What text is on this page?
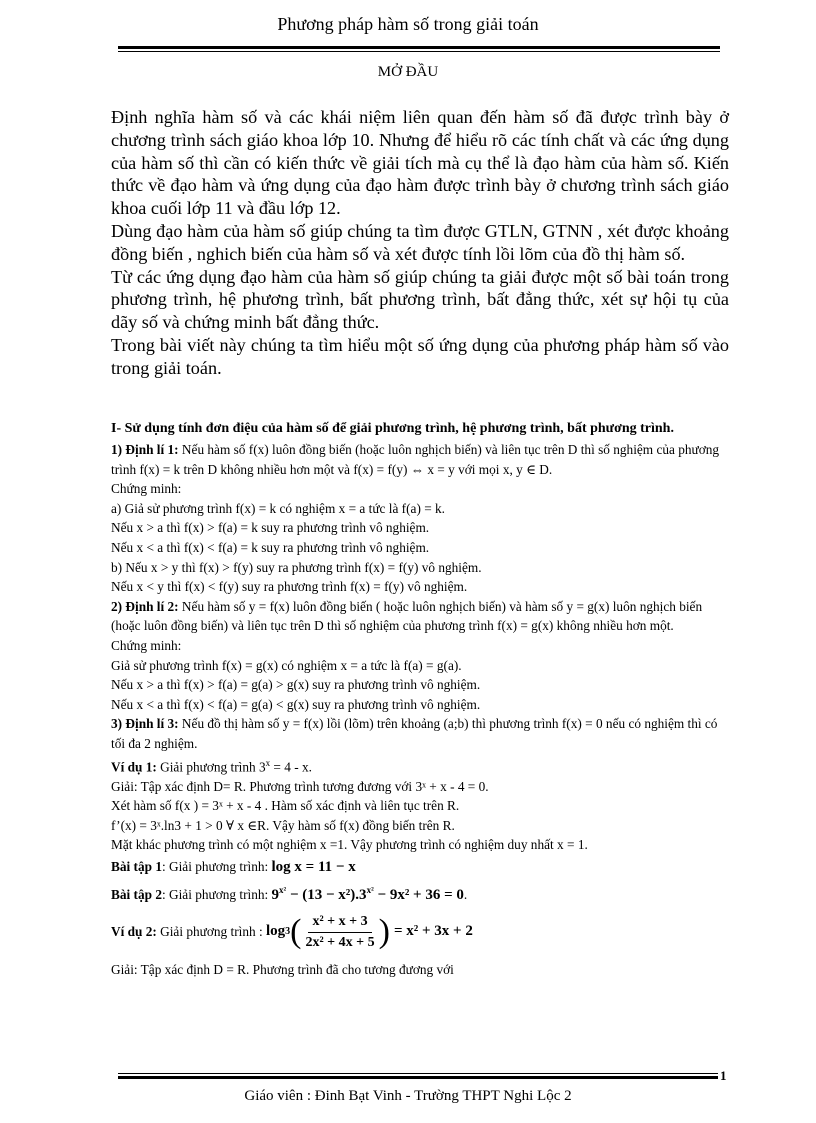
Phương pháp hàm số trong giải toán
MỞ ĐẦU

Định nghĩa hàm số và các khái niệm liên quan đến hàm số đã được trình bày ở chương trình sách giáo khoa lớp 10. Nhưng để hiểu rõ các tính chất và các ứng dụng của hàm số thì cần có kiến thức về giải tích mà cụ thể là đạo hàm của hàm số. Kiến thức về đạo hàm và ứng dụng của đạo hàm được trình bày ở chương trình sách giáo khoa cuối lớp 11 và đầu lớp 12.

Dùng đạo hàm của hàm số giúp chúng ta tìm được GTLN, GTNN , xét được khoảng đồng biến , nghich biến của hàm số và xét được tính lồi lõm của đồ thị hàm số.

Từ các ứng dụng đạo hàm của hàm số giúp chúng ta giải được một số bài toán trong phương trình, hệ phương trình, bất phương trình, bất đẳng thức, xét sự hội tụ của dãy số và chứng minh bất đẳng thức.

Trong bài viết này chúng ta tìm hiểu một số ứng dụng của phương pháp hàm số vào trong giải toán.

I- Sử dụng tính đơn điệu của hàm số để giải phương trình, hệ phương trình, bất phương trình.

1) Định lí 1: Nếu hàm số f(x) luôn đồng biến (hoặc luôn nghịch biến) và liên tục trên D thì số nghiệm của phương trình f(x) = k trên D không nhiều hơn một và f(x) = f(y) ⇔ x = y với mọi x, y ∈ D.

Chứng minh:

a) Giả sử phương trình f(x) = k có nghiệm x = a tức là f(a) = k.

Nếu x > a thì f(x) > f(a) = k suy ra phương trình vô nghiệm.

Nếu x < a thì f(x) < f(a) = k suy ra phương trình vô nghiệm.

b) Nếu x > y thì f(x) > f(y) suy ra phương trình f(x) = f(y) vô nghiệm.

Nếu x < y thì f(x) < f(y) suy ra phương trình f(x) = f(y) vô nghiệm.

2) Định lí 2: Nếu hàm số y = f(x) luôn đồng biến ( hoặc luôn nghịch biến) và hàm số y = g(x) luôn nghịch biến (hoặc luôn đồng biến) và liên tục trên D thì số nghiệm của phương trình f(x) = g(x) không nhiều hơn một.

Chứng minh:

Giả sử phương trình f(x) = g(x) có nghiệm x = a tức là f(a) = g(a).

Nếu x > a thì f(x) > f(a) = g(a) > g(x) suy ra phương trình vô nghiệm.

Nếu x < a thì f(x) < f(a) = g(a) < g(x) suy ra phương trình vô nghiệm.

3) Định lí 3: Nếu đồ thị hàm số y = f(x) lồi (lõm) trên khoảng (a;b) thì phương trình f(x) = 0 nếu có nghiệm thì có tối đa 2 nghiệm.

Ví dụ 1: Giải phương trình $3^x = 4 - x$.

Giải: Tập xác định D= R. Phương trình tương đương với 3ˣ + x - 4 = 0.

Xét hàm số f(x ) = 3ˣ + x - 4 . Hàm số xác định và liên tục trên R.

f’(x) = 3ˣ.ln3 + 1 > 0 ∀ x ∈R. Vậy hàm số f(x) đồng biến trên R.

Mặt khác phương trình có một nghiệm x =1. Vậy phương trình có nghiệm duy nhất x = 1.

Bài tập 1: Giải phương trình: log x = 11 − x

Bài tập 2: Giải phương trình: $9^{x^2} - (13 - x^2).3^{x^2} - 9x^2 + 36 = 0$.

Ví dụ 2: Giải phương trình : log 3 ( $\frac{\text{x² + x + 3}}{\text{2x² + 4x + 5}}$ ) = x² + 3x + 2

Giải: Tập xác định D = R. Phương trình đã cho tương đương với

1
Giáo viên : Đinh Bạt Vinh - Trường THPT Nghi Lộc 2
